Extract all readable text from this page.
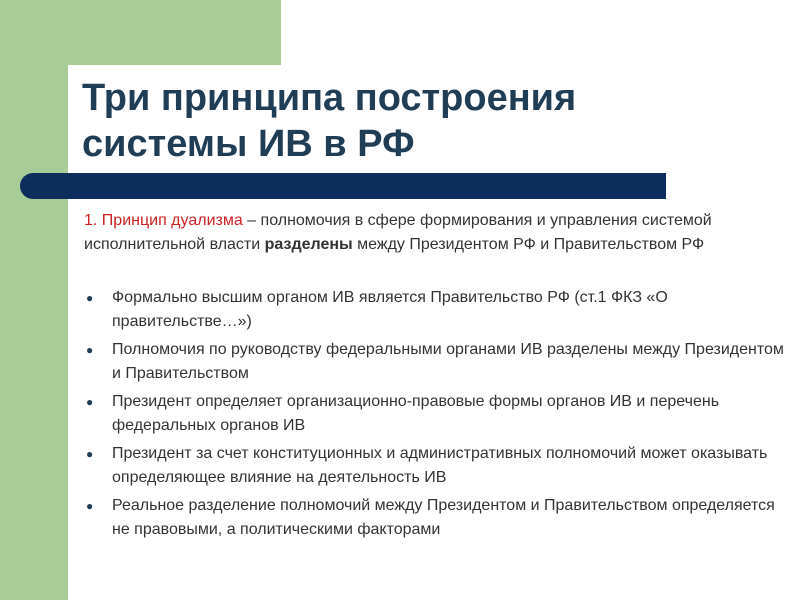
Три принципа построения
системы ИВ в РФ

1. Принцип дуализма – полномочия в сфере формирования и управления системой исполнительной власти разделены между Президентом РФ и Правительством РФ

● Формально высшим органом ИВ является Правительство РФ (ст.1 ФКЗ «О правительстве…»)
● Полномочия по руководству федеральными органами ИВ разделены между Президентом и Правительством
● Президент определяет организационно-правовые формы органов ИВ и перечень федеральных органов ИВ
● Президент за счет конституционных и административных полномочий может оказывать определяющее влияние на деятельность ИВ
● Реальное разделение полномочий между Президентом и Правительством определяется не правовыми, а политическими факторами
